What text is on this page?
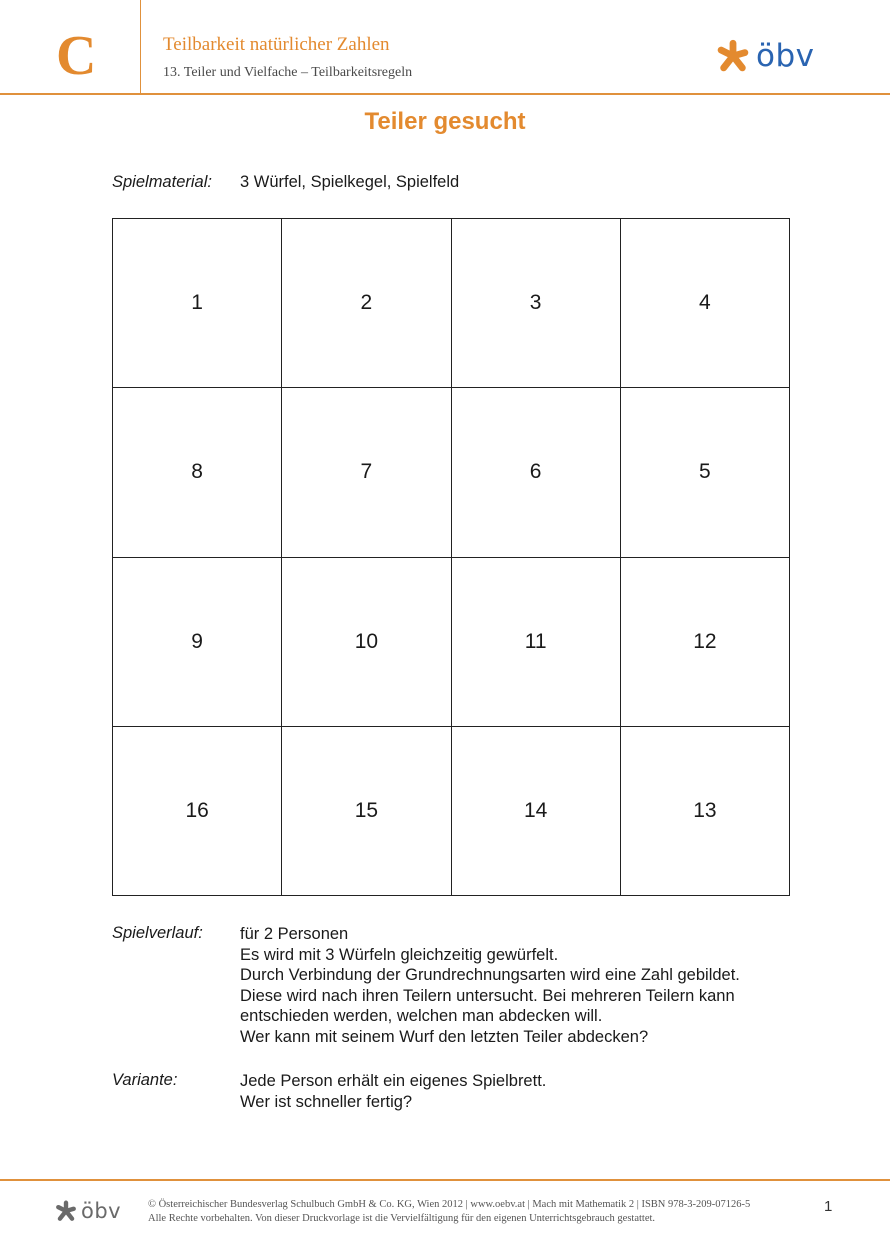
C	Teilbarkeit natürlicher Zahlen
13. Teiler und Vielfache – Teilbarkeitsregeln	öbv
Teiler gesucht
Spielmaterial: 3 Würfel, Spielkegel, Spielfeld
1	2	3	4
8	7	6	5
9	10	11	12
16	15	14	13
Spielverlauf: für 2 Personen
Es wird mit 3 Würfeln gleichzeitig gewürfelt.
Durch Verbindung der Grundrechnungsarten wird eine Zahl gebildet.
Diese wird nach ihren Teilern untersucht. Bei mehreren Teilern kann
entschieden werden, welchen man abdecken will.
Wer kann mit seinem Wurf den letzten Teiler abdecken?
Variante:	Jede Person erhält ein eigenes Spielbrett.
Wer ist schneller fertig?
öbv	© Österreichischer Bundesverlag Schulbuch GmbH & Co. KG, Wien 2012 | www.oebv.at | Mach mit Mathematik 2 | ISBN 978-3-209-07126-5
Alle Rechte vorbehalten. Von dieser Druckvorlage ist die Vervielfältigung für den eigenen Unterrichtsgebrauch gestattet.
1
